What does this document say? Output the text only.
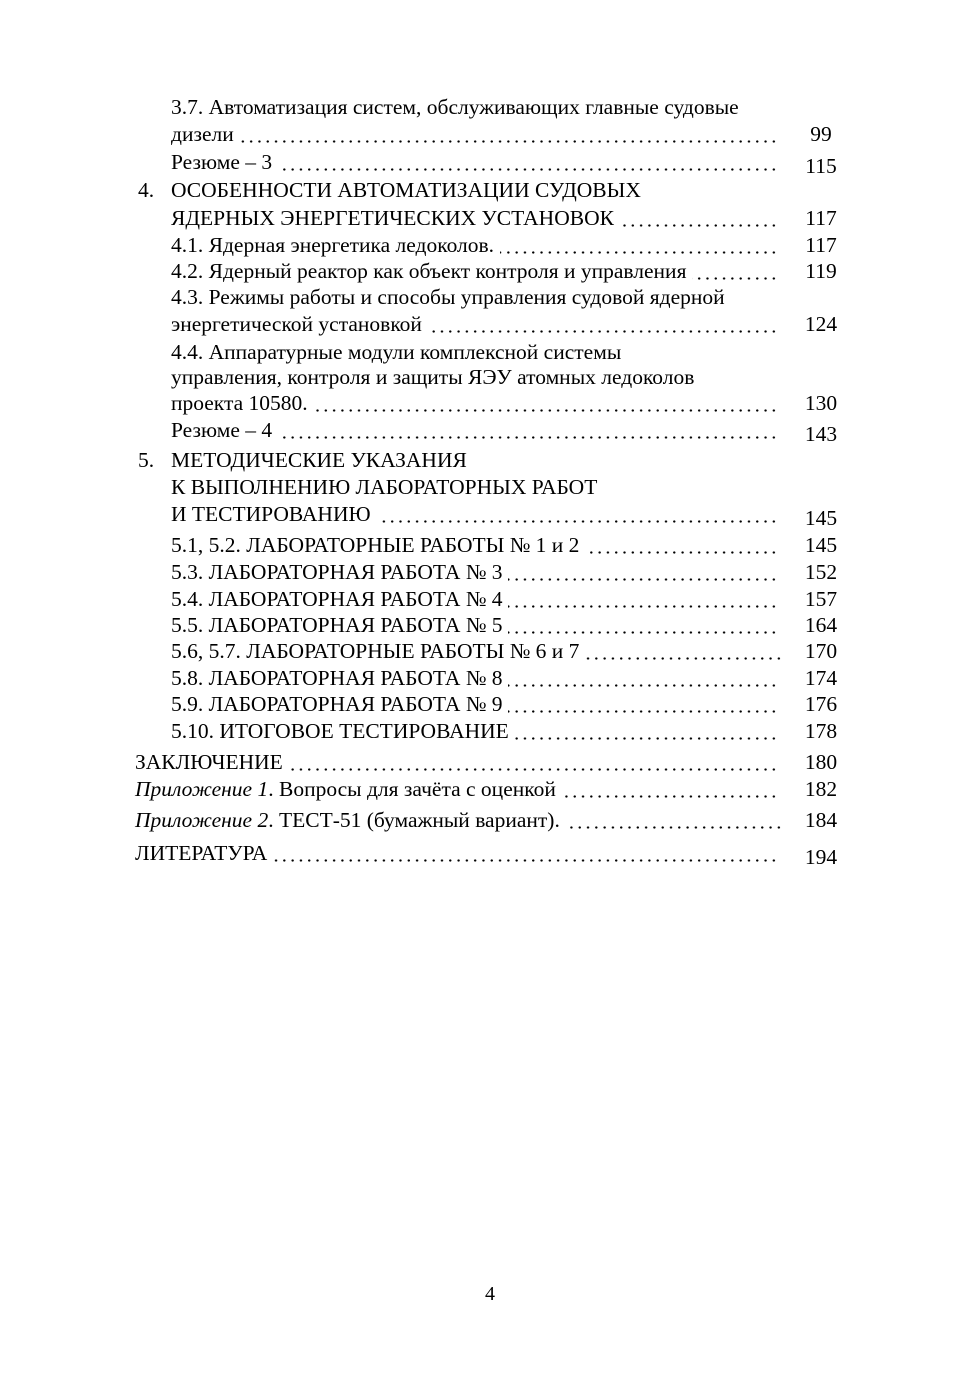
3.7. Автоматизация систем, обслуживающих главные судовые
дизели	99
Резюме – 3	115
4. ОСОБЕННОСТИ АВТОМАТИЗАЦИИ СУДОВЫХ
ЯДЕРНЫХ ЭНЕРГЕТИЧЕСКИХ УСТАНОВОК	117
4.1. Ядерная энергетика ледоколов.	117
4.2. Ядерный реактор как объект контроля и управления	119
4.3. Режимы работы и способы управления судовой ядерной
энергетической установкой	124
4.4. Аппаратурные модули комплексной системы
управления, контроля и защиты ЯЭУ атомных ледоколов
проекта 10580.	130
Резюме – 4	143
5. МЕТОДИЧЕСКИЕ УКАЗАНИЯ
К ВЫПОЛНЕНИЮ ЛАБОРАТОРНЫХ РАБОТ
И ТЕСТИРОВАНИЮ	145
5.1, 5.2. ЛАБОРАТОРНЫЕ РАБОТЫ № 1 и 2	145
5.3. ЛАБОРАТОРНАЯ РАБОТА № 3	152
5.4. ЛАБОРАТОРНАЯ РАБОТА № 4	157
5.5. ЛАБОРАТОРНАЯ РАБОТА № 5	164
5.6, 5.7. ЛАБОРАТОРНЫЕ РАБОТЫ № 6 и 7	170
5.8. ЛАБОРАТОРНАЯ РАБОТА № 8	174
5.9. ЛАБОРАТОРНАЯ РАБОТА № 9	176
5.10. ИТОГОВОЕ ТЕСТИРОВАНИЕ	178
ЗАКЛЮЧЕНИЕ	180
Приложение 1. Вопросы для зачёта с оценкой	182
Приложение 2. ТЕСТ-51 (бумажный вариант).	184
ЛИТЕРАТУРА	194
4
